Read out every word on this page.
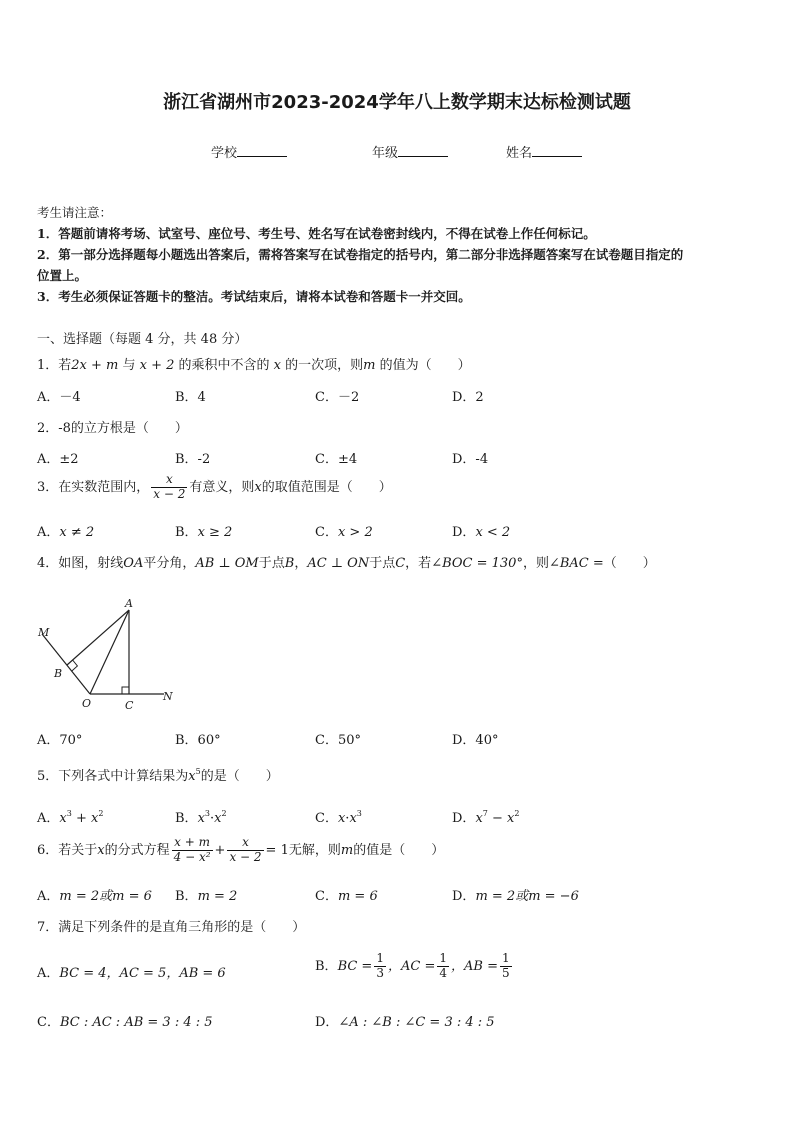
浙江省湖州市2023-2024学年八上数学期末达标检测试题
学校	年级	姓名
考生请注意：
1．答题前请将考场、试室号、座位号、考生号、姓名写在试卷密封线内，不得在试卷上作任何标记。
2．第一部分选择题每小题选出答案后，需将答案写在试卷指定的括号内，第二部分非选择题答案写在试卷题目指定的
位置上。
3．考生必须保证答题卡的整洁。考试结束后，请将本试卷和答题卡一并交回。
一、选择题（每题 4 分，共 48 分）
1．若2x + m 与 x + 2 的乘积中不含的 x 的一次项，则m 的值为（　　）
A．－4	B．4	C．－2	D．2
2．-8的立方根是（　　）
A．±2	B．-2	C．±4	D．-4
3．在实数范围内， $\frac{x}{x - 2}$ 有意义，则x的取值范围是（　　）
A．x ≠ 2	B．x ≥ 2	C．x > 2	D．x < 2
4．如图，射线OA平分角，AB ⊥ OM于点B，AC ⊥ ON于点C，若∠BOC = 130°，则∠BAC =（　　）
A
M
B
O	C
N
A．70°	B．60°	C．50°	D．40°
5．下列各式中计算结果为$x^5$的是（　　）
A．$x^3 + x^2$	B．$x^3\cdot x^2$	C．$x\cdot x^3$	D．$x^7 - x^2$
6．若关于x的分式方程 $\frac{x + m}{\text{4 − x²}} + \frac{x}{x - 2} = 1$无解，则m的值是（　　）
A．m = 2或m = 6 B．m = 2	C．m = 6	D．m = 2或m = −6
7．满足下列条件的是直角三角形的是（　　）
A．BC = 4，AC = 5，AB = 6	B．BC = $\frac{1}{3}$ ，AC = $\frac{1}{4}$ ，AB = $\frac{1}{5}$
C．BC : AC : AB = 3 : 4 : 5	D．∠A : ∠B : ∠C = 3 : 4 : 5
